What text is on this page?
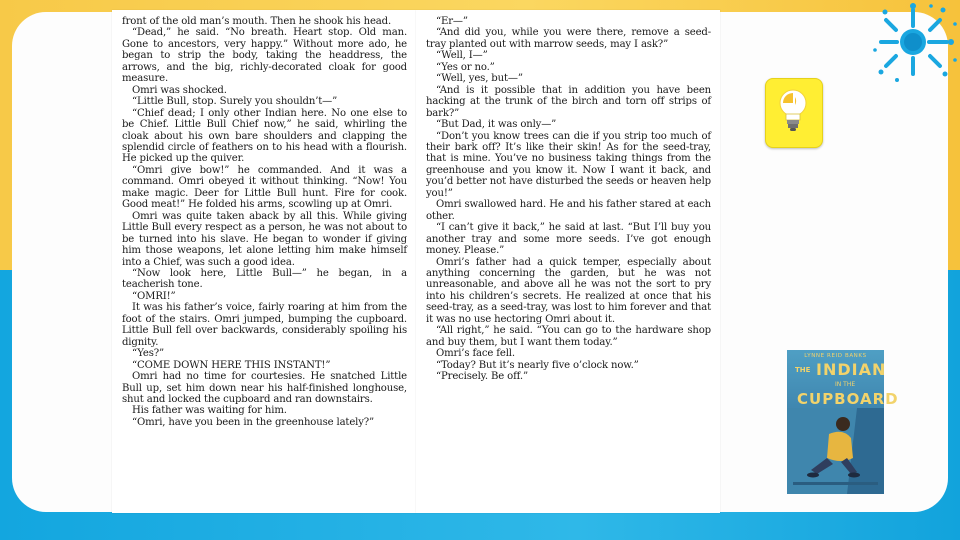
front of the old man’s mouth. Then he shook his head.

“Dead,” he said. “No breath. Heart stop. Old man. Gone to ancestors, very happy.” Without more ado, he began to strip the body, taking the headdress, the arrows, and the big, richly-decorated cloak for good measure.

Omri was shocked.

“Little Bull, stop. Surely you shouldn’t—”

“Chief dead; I only other Indian here. No one else to be Chief. Little Bull Chief now,” he said, whirling the cloak about his own bare shoulders and clapping the splendid circle of feathers on to his head with a flourish. He picked up the quiver.

“Omri give bow!” he commanded. And it was a command. Omri obeyed it without thinking. “Now! You make magic. Deer for Little Bull hunt. Fire for cook. Good meat!” He folded his arms, scowling up at Omri.

Omri was quite taken aback by all this. While giving Little Bull every respect as a person, he was not about to be turned into his slave. He began to wonder if giving him those weapons, let alone letting him make himself into a Chief, was such a good idea.

“Now look here, Little Bull—” he began, in a teacherish tone.

“OMRI!”

It was his father’s voice, fairly roaring at him from the foot of the stairs. Omri jumped, bumping the cupboard. Little Bull fell over backwards, considerably spoiling his dignity.

“Yes?”

“COME DOWN HERE THIS INSTANT!”

Omri had no time for courtesies. He snatched Little Bull up, set him down near his half-finished longhouse, shut and locked the cupboard and ran downstairs.

His father was waiting for him.

“Omri, have you been in the greenhouse lately?”

“Er—”

“And did you, while you were there, remove a seed-tray planted out with marrow seeds, may I ask?”

“Well, I—”

“Yes or no.”

“Well, yes, but—”

“And is it possible that in addition you have been hacking at the trunk of the birch and torn off strips of bark?”

“But Dad, it was only—”

“Don’t you know trees can die if you strip too much of their bark off? It’s like their skin! As for the seed-tray, that is mine. You’ve no business taking things from the greenhouse and you know it. Now I want it back, and you’d better not have disturbed the seeds or heaven help you!”

Omri swallowed hard. He and his father stared at each other.

“I can’t give it back,” he said at last. “But I’ll buy you another tray and some more seeds. I’ve got enough money. Please.”

Omri’s father had a quick temper, especially about anything concerning the garden, but he was not unreasonable, and above all he was not the sort to pry into his children’s secrets. He realized at once that his seed-tray, as a seed-tray, was lost to him forever and that it was no use hectoring Omri about it.

“All right,” he said. “You can go to the hardware shop and buy them, but I want them today.”

Omri’s face fell.

“Today? But it’s nearly five o’clock now.”

“Precisely. Be off.”

LYNNE REID BANKS
THE INDIAN
IN THE
CUPBOARD
